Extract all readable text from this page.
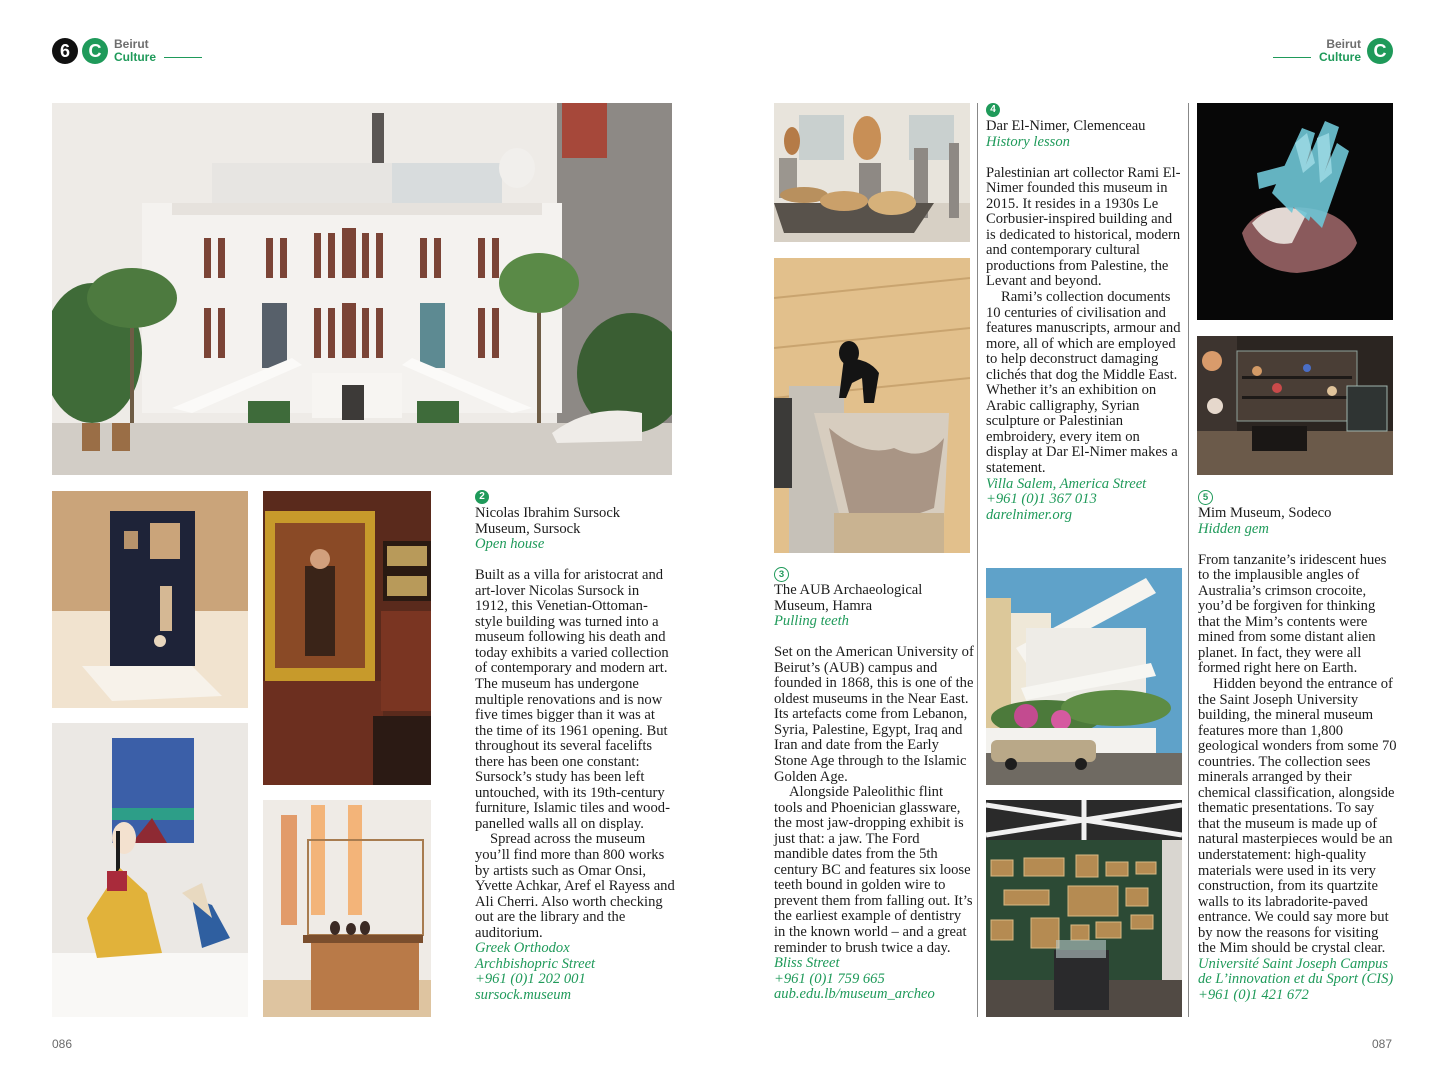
6	C	Beirut
Culture
Beirut
Culture C
2
Nicolas Ibrahim Sursock
Museum, Sursock
Open house
Built as a villa for aristocrat and art-lover Nicolas Sursock in 1912, this Venetian-Ottoman-style building was turned into a museum following his death and today exhibits a varied collection of contemporary and modern art. The museum has undergone multiple renovations and is now five times bigger than it was at the time of its 1961 opening. But throughout its several facelifts there has been one constant: Sursock’s study has been left untouched, with its 19th-century furniture, Islamic tiles and wood-panelled walls all on display.
Spread across the museum you’ll find more than 800 works by artists such as Omar Onsi, Yvette Achkar, Aref el Rayess and Ali Cherri. Also worth checking out are the library and the auditorium.
Greek Orthodox
Archbishopric Street
+961 (0)1 202 001
sursock.museum
3
The AUB Archaeological
Museum, Hamra
Pulling teeth
Set on the American University of Beirut’s (AUB) campus and founded in 1868, this is one of the oldest museums in the Near East. Its artefacts come from Lebanon, Syria, Palestine, Egypt, Iraq and Iran and date from the Early Stone Age through to the Islamic Golden Age.
Alongside Paleolithic flint tools and Phoenician glassware, the most jaw-dropping exhibit is just that: a jaw. The Ford mandible dates from the 5th century BC and features six loose teeth bound in golden wire to prevent them from falling out. It’s the earliest example of dentistry in the known world – and a great reminder to brush twice a day.
Bliss Street
+961 (0)1 759 665
aub.edu.lb/museum_archeo
4
Dar El-Nimer, Clemenceau
History lesson
Palestinian art collector Rami El-Nimer founded this museum in 2015. It resides in a 1930s Le Corbusier-inspired building and is dedicated to historical, modern and contemporary cultural productions from Palestine, the Levant and beyond.
Rami’s collection documents 10 centuries of civilisation and features manuscripts, armour and more, all of which are employed to help deconstruct damaging clichés that dog the Middle East. Whether it’s an exhibition on Arabic calligraphy, Syrian sculpture or Palestinian embroidery, every item on display at Dar El-Nimer makes a statement.
Villa Salem, America Street
+961 (0)1 367 013
darelnimer.org
5
Mim Museum, Sodeco
Hidden gem
From tanzanite’s iridescent hues to the implausible angles of Australia’s crimson crocoite, you’d be forgiven for thinking that the Mim’s contents were mined from some distant alien planet. In fact, they were all formed right here on Earth.
Hidden beyond the entrance of the Saint Joseph University building, the mineral museum features more than 1,800 geological wonders from some 70 countries. The collection sees minerals arranged by their chemical classification, alongside thematic presentations. To say that the museum is made up of natural masterpieces would be an understatement: high-quality materials were used in its very construction, from its quartzite walls to its labradorite-paved entrance. We could say more but by now the reasons for visiting the Mim should be crystal clear.
Université Saint Joseph Campus
de L’innovation et du Sport (CIS)
+961 (0)1 421 672
086	087
